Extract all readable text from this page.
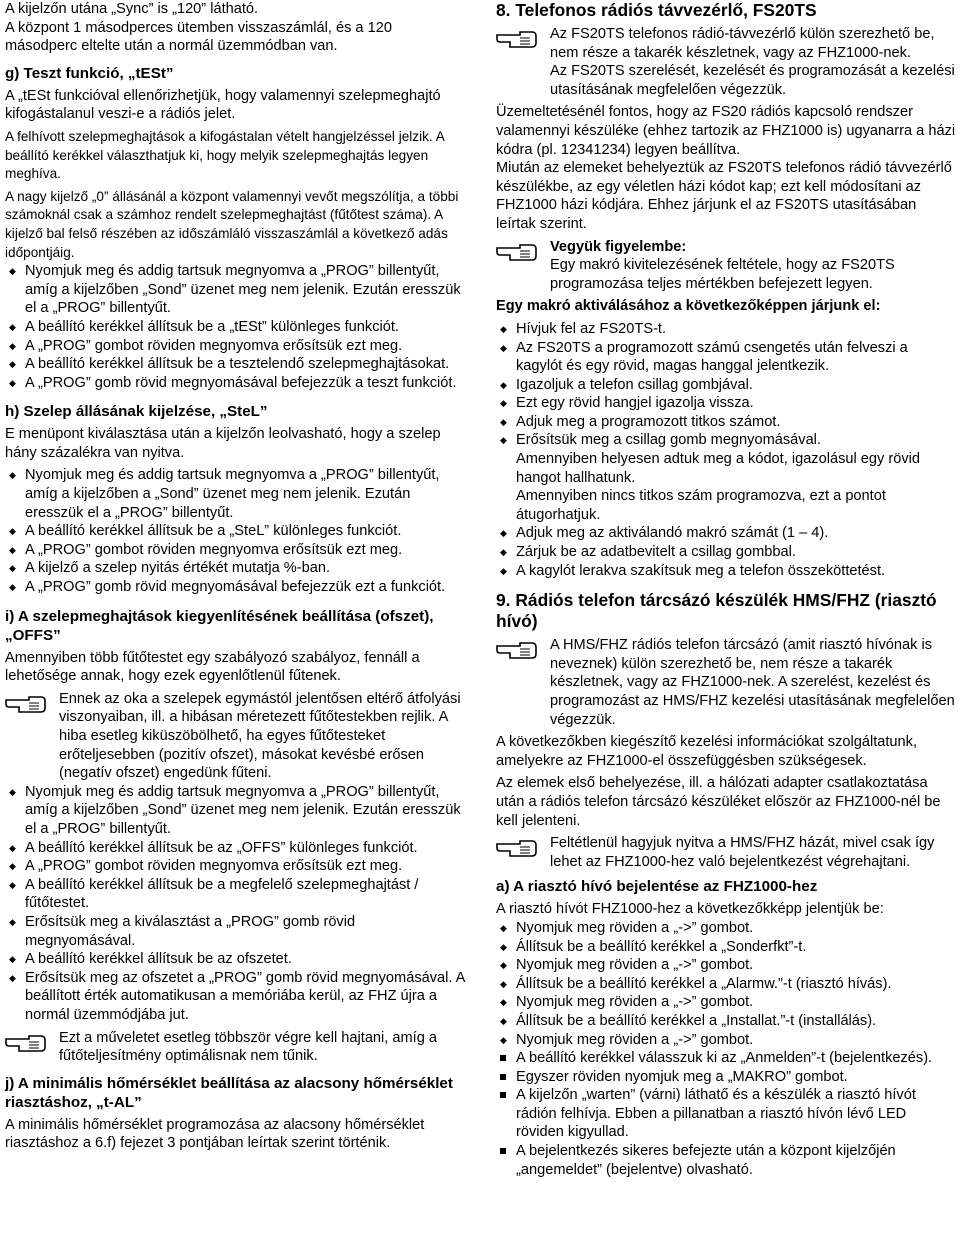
A kijelzőn utána „Sync” is „120” látható.

A központ 1 másodperces ütemben visszaszámlál, és a 120 másodperc eltelte után a normál üzemmódban van.

g) Teszt funkció, „tESt”

A „tESt funkcióval ellenőrizhetjük, hogy valamennyi szelepmeghajtó kifogástalanul veszi-e a rádiós jelet.

A felhívott szelepmeghajtások a kifogástalan vételt hangjelzéssel jelzik. A beállító kerékkel választhatjuk ki, hogy melyik szelepmeghajtás legyen meghíva.

A nagy kijelző „0” állásánál a központ valamennyi vevőt megszólítja, a többi számoknál csak a számhoz rendelt szelepmeghajtást (fűtőtest száma). A kijelző bal felső részében az időszámláló visszaszámlál a következő adás időpontjáig.

◆ Nyomjuk meg és addig tartsuk megnyomva a „PROG” billentyűt, amíg a kijelzőben „Sond” üzenet meg nem jelenik. Ezután eresszük el a „PROG” billentyűt.
◆ A beállító kerékkel állítsuk be a „tESt” különleges funkciót.
◆ A „PROG” gombot röviden megnyomva erősítsük ezt meg.
◆ A beállító kerékkel állítsuk be a tesztelendő szelepmeghajtásokat.
◆ A „PROG” gomb rövid megnyomásával befejezzük a teszt funkciót.
h) Szelep állásának kijelzése, „SteL”

E menüpont kiválasztása után a kijelzőn leolvasható, hogy a szelep hány százalékra van nyitva.

◆ Nyomjuk meg és addig tartsuk megnyomva a „PROG” billentyűt, amíg a kijelzőben a „Sond” üzenet meg nem jelenik. Ezután eresszük el a „PROG” billentyűt.
◆ A beállító kerékkel állítsuk be a „SteL” különleges funkciót.
◆ A „PROG” gombot röviden megnyomva erősítsük ezt meg.
◆ A kijelző a szelep nyitás értékét mutatja %-ban.
◆ A „PROG” gomb rövid megnyomásával befejezzük ezt a funkciót.
i) A szelepmeghajtások kiegyenlítésének beállítása (ofszet), „OFFS”

Amennyiben több fűtőtestet egy szabályozó szabályoz, fennáll a lehetősége annak, hogy ezek egyenlőtlenül fűtenek.

Ennek az oka a szelepek egymástól jelentősen eltérő átfolyási viszonyaiban, ill. a hibásan méretezett fűtőtestekben rejlik. A hiba esetleg kiküszöbölhető, ha egyes fűtőtesteket erőteljesebben (pozitív ofszet), másokat kevésbé erősen (negatív ofszet) engedünk fűteni.

◆ Nyomjuk meg és addig tartsuk megnyomva a „PROG” billentyűt, amíg a kijelzőben „Sond” üzenet meg nem jelenik. Ezután eresszük el a „PROG” billentyűt.
◆ A beállító kerékkel állítsuk be az „OFFS” különleges funkciót.
◆ A „PROG” gombot röviden megnyomva erősítsük ezt meg.
◆ A beállító kerékkel állítsuk be a megfelelő szelepmeghajtást / fűtőtestet.
◆ Erősítsük meg a kiválasztást a „PROG” gomb rövid megnyomásával.
◆ A beállító kerékkel állítsuk be az ofszetet.
◆ Erősítsük meg az ofszetet a „PROG” gomb rövid megnyomásával. A beállított érték automatikusan a memóriába kerül, az FHZ újra a normál üzemmódjába jut.

Ezt a műveletet esetleg többször végre kell hajtani, amíg a fűtőteljesítmény optimálisnak nem tűnik.

j) A minimális hőmérséklet beállítása az alacsony hőmérséklet riasztáshoz, „t-AL”

A minimális hőmérséklet programozása az alacsony hőmérséklet riasztáshoz a 6.f) fejezet 3 pontjában leírtak szerint történik.

8. Telefonos rádiós távvezérlő, FS20TS

Az FS20TS telefonos rádió-távvezérlő külön szerezhető be, nem része a takarék készletnek, vagy az FHZ1000-nek.

Az FS20TS szerelését, kezelését és programozását a kezelési utasításának megfelelően végezzük.

Üzemeltetésénél fontos, hogy az FS20 rádiós kapcsoló rendszer valamennyi készüléke (ehhez tartozik az FHZ1000 is) ugyanarra a házi kódra (pl. 12341234) legyen beállítva.

Miután az elemeket behelyeztük az FS20TS telefonos rádió távvezérlő készülékbe, az egy véletlen házi kódot kap; ezt kell módosítani az FHZ1000 házi kódjára. Ehhez járjunk el az FS20TS utasításában leírtak szerint.

Vegyük figyelembe:

Egy makró kivitelezésének feltétele, hogy az FS20TS programozása teljes mértékben befejezett legyen.

Egy makró aktiválásához a következőképpen járjunk el:

◆ Hívjuk fel az FS20TS-t.
◆ Az FS20TS a programozott számú csengetés után felveszi a kagylót és egy rövid, magas hanggal jelentkezik.
◆ Igazoljuk a telefon csillag gombjával.
◆ Ezt egy rövid hangjel igazolja vissza.
◆ Adjuk meg a programozott titkos számot.
◆ Erősítsük meg a csillag gomb megnyomásával.

Amennyiben helyesen adtuk meg a kódot, igazolásul egy rövid hangot hallhatunk.

Amennyiben nincs titkos szám programozva, ezt a pontot átugorhatjuk.

◆ Adjuk meg az aktiválandó makró számát (1 – 4).
◆ Zárjuk be az adatbevitelt a csillag gombbal.
◆ A kagylót lerakva szakítsuk meg a telefon összeköttetést.
9. Rádiós telefon tárcsázó készülék HMS/FHZ (riasztó hívó)

A HMS/FHZ rádiós telefon tárcsázó (amit riasztó hívónak is neveznek) külön szerezhető be, nem része a takarék készletnek, vagy az FHZ1000-nek. A szerelést, kezelést és programozást az HMS/FHZ kezelési utasításának megfelelően végezzük.

A következőkben kiegészítő kezelési információkat szolgáltatunk, amelyekre az FHZ1000-el összefüggésben szükségesek.

Az elemek első behelyezése, ill. a hálózati adapter csatlakoztatása után a rádiós telefon tárcsázó készüléket először az FHZ1000-nél be kell jelenteni.

Feltétlenül hagyjuk nyitva a HMS/FHZ házát, mivel csak így lehet az FHZ1000-hez való bejelentkezést végrehajtani.

a) A riasztó hívó bejelentése az FHZ1000-hez

A riasztó hívót FHZ1000-hez a következőkképp jelentjük be:

◆ Nyomjuk meg röviden a „->” gombot.
◆ Állítsuk be a beállító kerékkel a „Sonderfkt”-t.
◆ Nyomjuk meg röviden a „->” gombot.
◆ Állítsuk be a beállító kerékkel a „Alarmw.”-t (riasztó hívás).
◆ Nyomjuk meg röviden a „->” gombot.
◆ Állítsuk be a beállító kerékkel a „Installat.”-t (installálás).
◆ Nyomjuk meg röviden a „->” gombot.
A beállító kerékkel válasszuk ki az „Anmelden”-t (bejelentkezés).
Egyszer röviden nyomjuk meg a „MAKRO” gombot.
A kijelzőn „warten” (várni) láthatő és a készülék a riasztó hívót rádión felhívja. Ebben a pillanatban a riasztó hívón lévő LED röviden kigyullad.
A bejelentkezés sikeres befejezte után a központ kijelzőjén „angemeldet” (bejelentve) olvasható.
